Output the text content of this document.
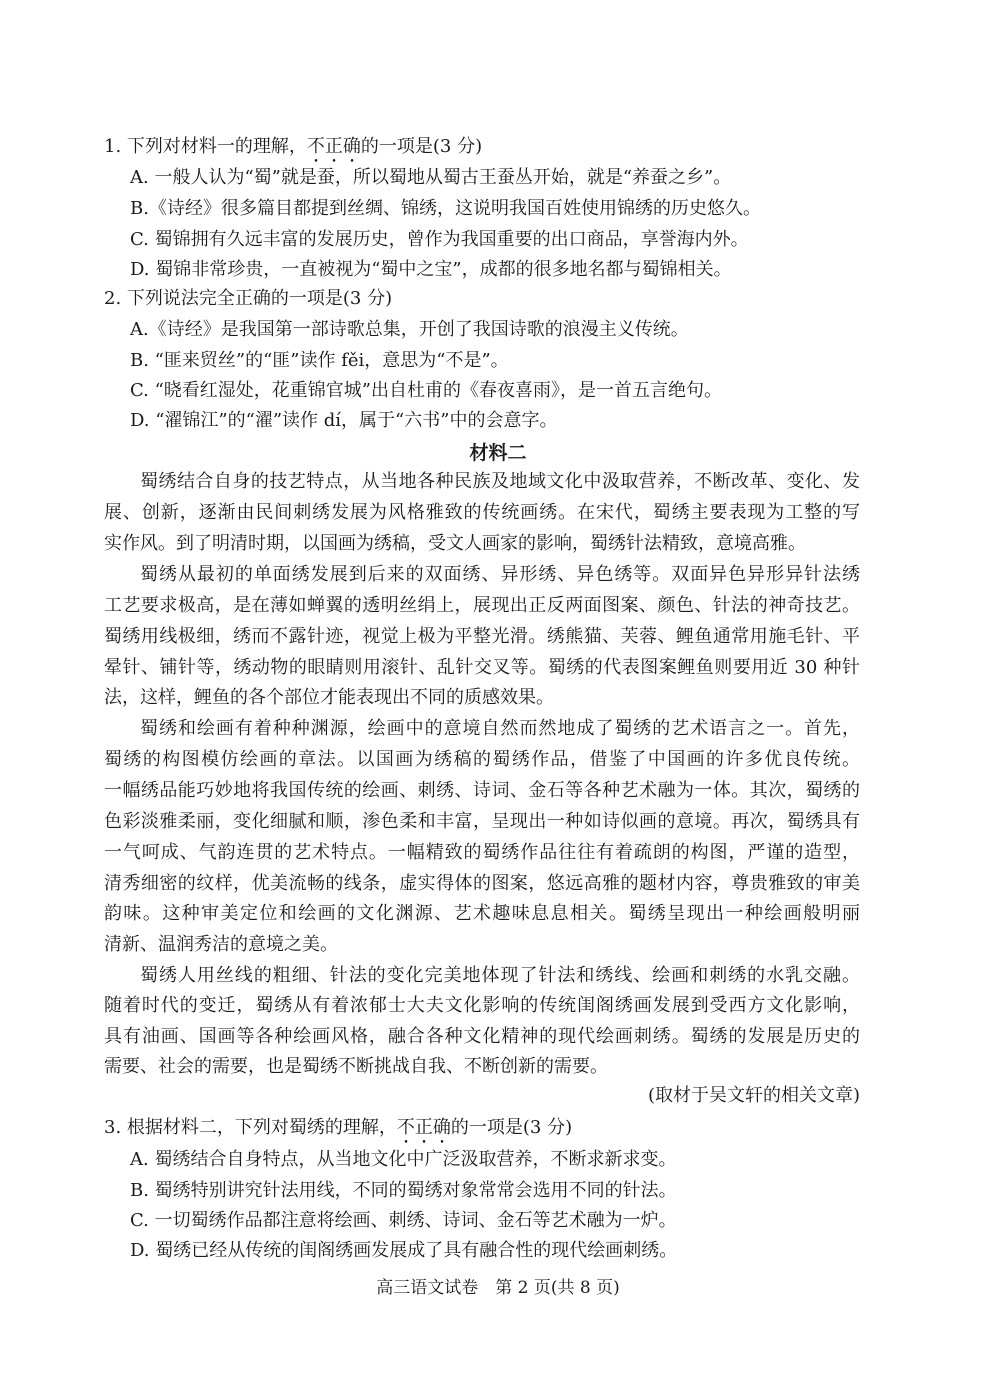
1. 下列对材料一的理解，不正确的一项是(3 分)
A. 一般人认为“蜀”就是蚕，所以蜀地从蜀古王蚕丛开始，就是“养蚕之乡”。
B.《诗经》很多篇目都提到丝绸、锦绣，这说明我国百姓使用锦绣的历史悠久。
C. 蜀锦拥有久远丰富的发展历史，曾作为我国重要的出口商品，享誉海内外。
D. 蜀锦非常珍贵，一直被视为“蜀中之宝”，成都的很多地名都与蜀锦相关。
2. 下列说法完全正确的一项是(3 分)
A.《诗经》是我国第一部诗歌总集，开创了我国诗歌的浪漫主义传统。
B. “匪来贸丝”的“匪”读作 fěi，意思为“不是”。
C. “晓看红湿处，花重锦官城”出自杜甫的《春夜喜雨》，是一首五言绝句。
D. “濯锦江”的“濯”读作 dí，属于“六书”中的会意字。
材料二
蜀绣结合自身的技艺特点，从当地各种民族及地域文化中汲取营养，不断改革、变化、发
展、创新，逐渐由民间刺绣发展为风格雅致的传统画绣。在宋代，蜀绣主要表现为工整的写
实作风。到了明清时期，以国画为绣稿，受文人画家的影响，蜀绣针法精致，意境高雅。
蜀绣从最初的单面绣发展到后来的双面绣、异形绣、异色绣等。双面异色异形异针法绣
工艺要求极高，是在薄如蝉翼的透明丝绢上，展现出正反两面图案、颜色、针法的神奇技艺。
蜀绣用线极细，绣而不露针迹，视觉上极为平整光滑。绣熊猫、芙蓉、鲤鱼通常用施毛针、平
晕针、铺针等，绣动物的眼睛则用滚针、乱针交叉等。蜀绣的代表图案鲤鱼则要用近 30 种针
法，这样，鲤鱼的各个部位才能表现出不同的质感效果。
蜀绣和绘画有着种种渊源，绘画中的意境自然而然地成了蜀绣的艺术语言之一。首先，
蜀绣的构图模仿绘画的章法。以国画为绣稿的蜀绣作品，借鉴了中国画的许多优良传统。
一幅绣品能巧妙地将我国传统的绘画、刺绣、诗词、金石等各种艺术融为一体。其次，蜀绣的
色彩淡雅柔丽，变化细腻和顺，渗色柔和丰富，呈现出一种如诗似画的意境。再次，蜀绣具有
一气呵成、气韵连贯的艺术特点。一幅精致的蜀绣作品往往有着疏朗的构图，严谨的造型，
清秀细密的纹样，优美流畅的线条，虚实得体的图案，悠远高雅的题材内容，尊贵雅致的审美
韵味。这种审美定位和绘画的文化渊源、艺术趣味息息相关。蜀绣呈现出一种绘画般明丽
清新、温润秀洁的意境之美。
蜀绣人用丝线的粗细、针法的变化完美地体现了针法和绣线、绘画和刺绣的水乳交融。
随着时代的变迁，蜀绣从有着浓郁士大夫文化影响的传统闺阁绣画发展到受西方文化影响，
具有油画、国画等各种绘画风格，融合各种文化精神的现代绘画刺绣。蜀绣的发展是历史的
需要、社会的需要，也是蜀绣不断挑战自我、不断创新的需要。
(取材于吴文轩的相关文章)
3. 根据材料二，下列对蜀绣的理解，不正确的一项是(3 分)
A. 蜀绣结合自身特点，从当地文化中广泛汲取营养，不断求新求变。
B. 蜀绣特别讲究针法用线，不同的蜀绣对象常常会选用不同的针法。
C. 一切蜀绣作品都注意将绘画、刺绣、诗词、金石等艺术融为一炉。
D. 蜀绣已经从传统的闺阁绣画发展成了具有融合性的现代绘画刺绣。
高三语文试卷　第 2 页(共 8 页)
